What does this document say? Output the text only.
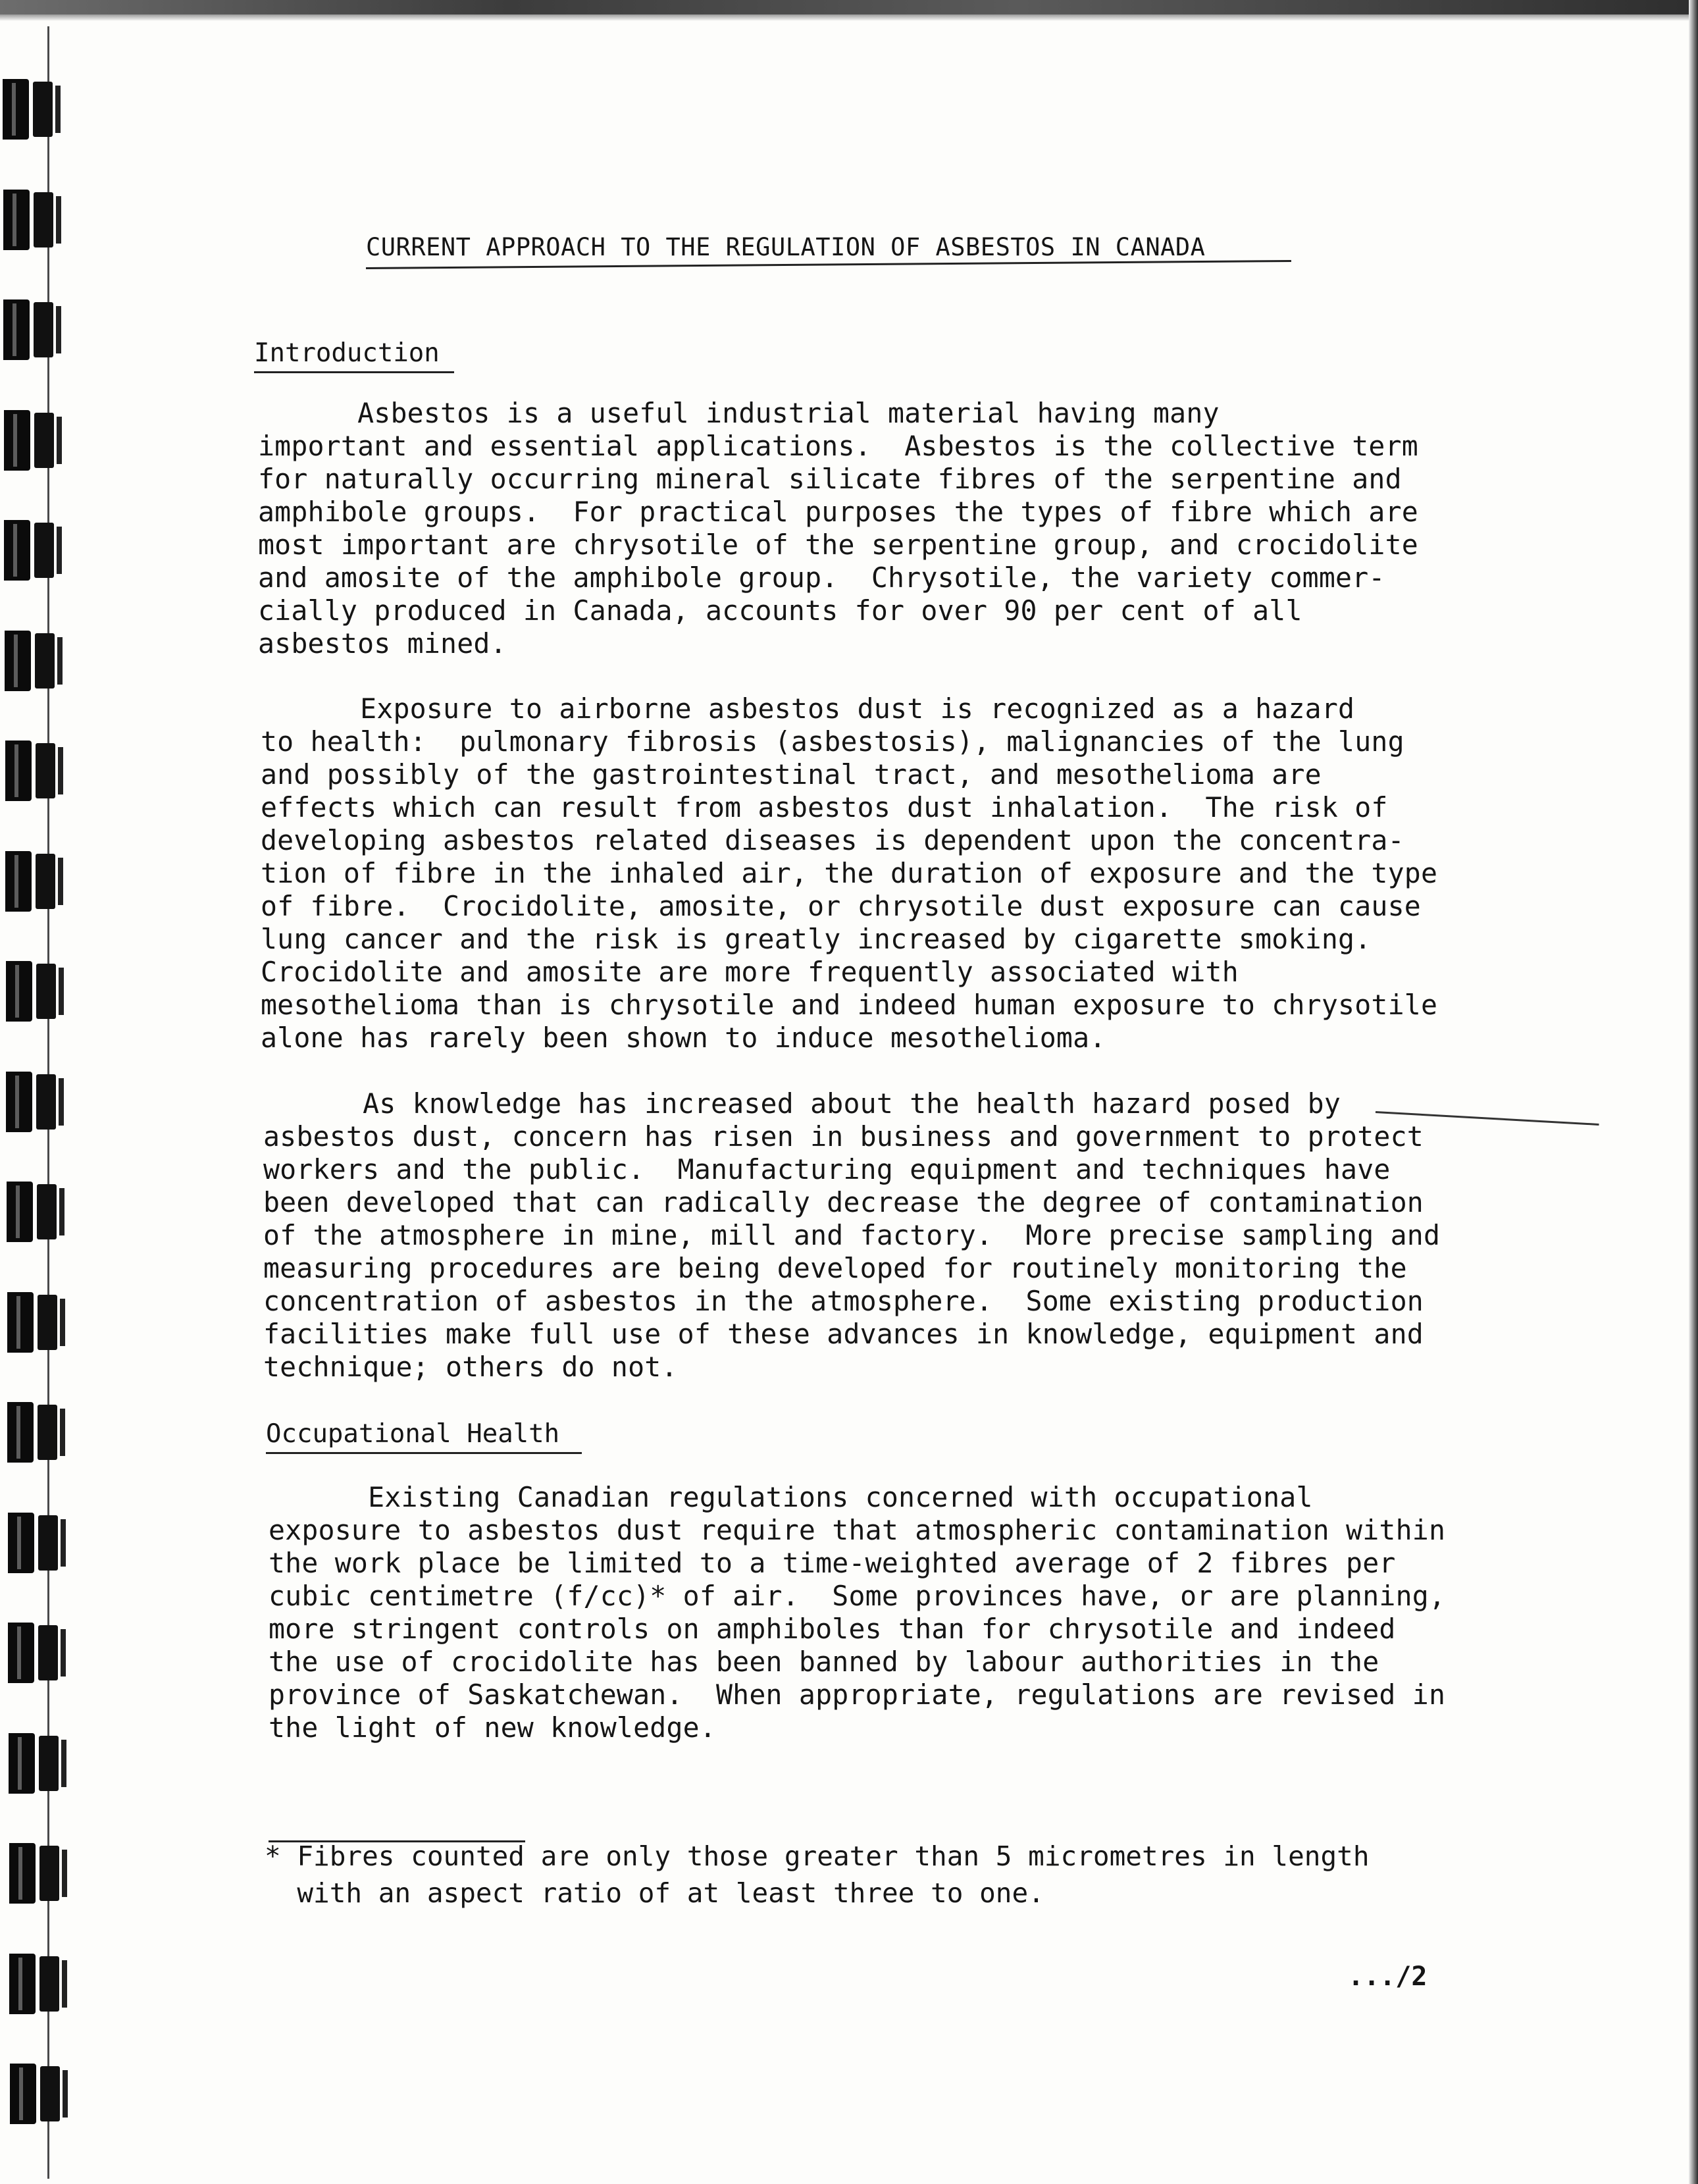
CURRENT APPROACH TO THE REGULATION OF ASBESTOS IN CANADA
Introduction
Asbestos is a useful industrial material having many
important and essential applications.  Asbestos is the collective term
for naturally occurring mineral silicate fibres of the serpentine and
amphibole groups.  For practical purposes the types of fibre which are
most important are chrysotile of the serpentine group, and crocidolite
and amosite of the amphibole group.  Chrysotile, the variety commer-
cially produced in Canada, accounts for over 90 per cent of all
asbestos mined.
Exposure to airborne asbestos dust is recognized as a hazard
to health:  pulmonary fibrosis (asbestosis), malignancies of the lung
and possibly of the gastrointestinal tract, and mesothelioma are
effects which can result from asbestos dust inhalation.  The risk of
developing asbestos related diseases is dependent upon the concentra-
tion of fibre in the inhaled air, the duration of exposure and the type
of fibre.  Crocidolite, amosite, or chrysotile dust exposure can cause
lung cancer and the risk is greatly increased by cigarette smoking.
Crocidolite and amosite are more frequently associated with
mesothelioma than is chrysotile and indeed human exposure to chrysotile
alone has rarely been shown to induce mesothelioma.
As knowledge has increased about the health hazard posed by
asbestos dust, concern has risen in business and government to protect
workers and the public.  Manufacturing equipment and techniques have
been developed that can radically decrease the degree of contamination
of the atmosphere in mine, mill and factory.  More precise sampling and
measuring procedures are being developed for routinely monitoring the
concentration of asbestos in the atmosphere.  Some existing production
facilities make full use of these advances in knowledge, equipment and
technique; others do not.
Occupational Health
Existing Canadian regulations concerned with occupational
exposure to asbestos dust require that atmospheric contamination within
the work place be limited to a time-weighted average of 2 fibres per
cubic centimetre (f/cc)* of air.  Some provinces have, or are planning,
more stringent controls on amphiboles than for chrysotile and indeed
the use of crocidolite has been banned by labour authorities in the
province of Saskatchewan.  When appropriate, regulations are revised in
the light of new knowledge.
* Fibres counted are only those greater than 5 micrometres in length
with an aspect ratio of at least three to one.
.../2
